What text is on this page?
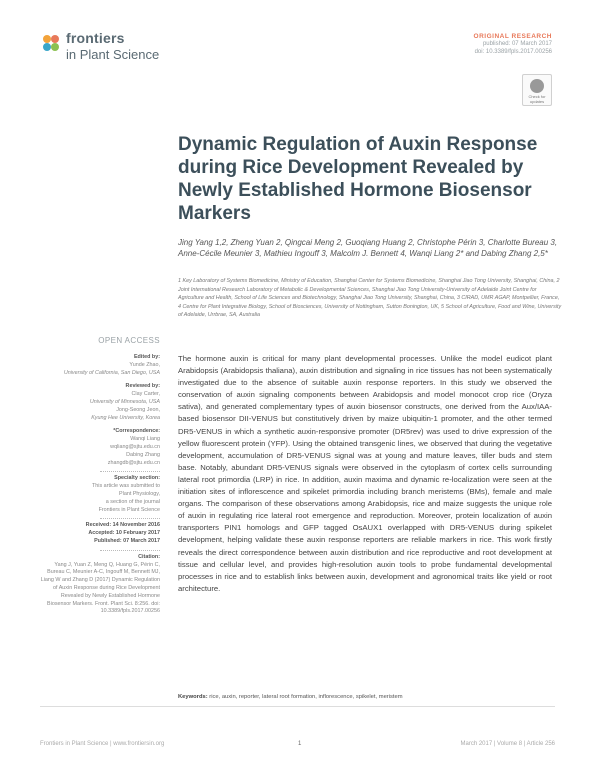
frontiers
in Plant Science
ORIGINAL RESEARCH
published: 07 March 2017
doi: 10.3389/fpls.2017.00256
Check for updates
Dynamic Regulation of Auxin Response during Rice Development Revealed by Newly Established Hormone Biosensor Markers
Jing Yang 1,2, Zheng Yuan 2, Qingcai Meng 2, Guoqiang Huang 2, Christophe Périn 3, Charlotte Bureau 3, Anne-Cécile Meunier 3, Mathieu Ingouff 3, Malcolm J. Bennett 4, Wanqi Liang 2* and Dabing Zhang 2,5*
1 Key Laboratory of Systems Biomedicine, Ministry of Education, Shanghai Center for Systems Biomedicine, Shanghai Jiao Tong University, Shanghai, China, 2 Joint International Research Laboratory of Metabolic & Developmental Sciences, Shanghai Jiao Tong University-University of Adelaide Joint Centre for Agriculture and Health, School of Life Sciences and Biotechnology, Shanghai Jiao Tong University, Shanghai, China, 3 CIRAD, UMR AGAP, Montpellier, France, 4 Centre for Plant Integrative Biology, School of Biosciences, University of Nottingham, Sutton Bonington, UK, 5 School of Agriculture, Food and Wine, University of Adelaide, Urrbrae, SA, Australia
OPEN ACCESS
Edited by:
Yunde Zhao,
University of California, San Diego, USA
Reviewed by:
Clay Carter,
University of Minnesota, USA
Jong-Seong Jeon,
Kyung Hee University, Korea
*Correspondence:
Wanqi Liang
wqliang@sjtu.edu.cn
Dabing Zhang
zhangdb@sjtu.edu.cn
Specialty section:
This article was submitted to
Plant Physiology,
a section of the journal
Frontiers in Plant Science
Received: 14 November 2016
Accepted: 10 February 2017
Published: 07 March 2017
Citation:
Yang J, Yuan Z, Meng Q, Huang G, Périn C, Bureau C, Meunier A-C, Ingouff M, Bennett MJ, Liang W and Zhang D (2017) Dynamic Regulation of Auxin Response during Rice Development Revealed by Newly Established Hormone Biosensor Markers. Front. Plant Sci. 8:256. doi: 10.3389/fpls.2017.00256
The hormone auxin is critical for many plant developmental processes. Unlike the model eudicot plant Arabidopsis (Arabidopsis thaliana), auxin distribution and signaling in rice tissues has not been systematically investigated due to the absence of suitable auxin response reporters. In this study we observed the conservation of auxin signaling components between Arabidopsis and model monocot crop rice (Oryza sativa), and generated complementary types of auxin biosensor constructs, one derived from the Aux/IAA-based biosensor DII-VENUS but constitutively driven by maize ubiquitin-1 promoter, and the other termed DR5-VENUS in which a synthetic auxin-responsive promoter (DR5rev) was used to drive expression of the yellow fluorescent protein (YFP). Using the obtained transgenic lines, we observed that during the vegetative development, accumulation of DR5-VENUS signal was at young and mature leaves, tiller buds and stem base. Notably, abundant DR5-VENUS signals were observed in the cytoplasm of cortex cells surrounding lateral root primordia (LRP) in rice. In addition, auxin maxima and dynamic re-localization were seen at the initiation sites of inflorescence and spikelet primordia including branch meristems (BMs), female and male organs. The comparison of these observations among Arabidopsis, rice and maize suggests the unique role of auxin in regulating rice lateral root emergence and reproduction. Moreover, protein localization of auxin transporters PIN1 homologs and GFP tagged OsAUX1 overlapped with DR5-VENUS during spikelet development, helping validate these auxin response reporters are reliable markers in rice. This work firstly reveals the direct correspondence between auxin distribution and rice reproductive and root development at tissue and cellular level, and provides high-resolution auxin tools to probe fundamental developmental processes in rice and to establish links between auxin, development and agronomical traits like yield or root architecture.
Keywords: rice, auxin, reporter, lateral root formation, inflorescence, spikelet, meristem
Frontiers in Plant Science | www.frontiersin.org	1	March 2017 | Volume 8 | Article 256
